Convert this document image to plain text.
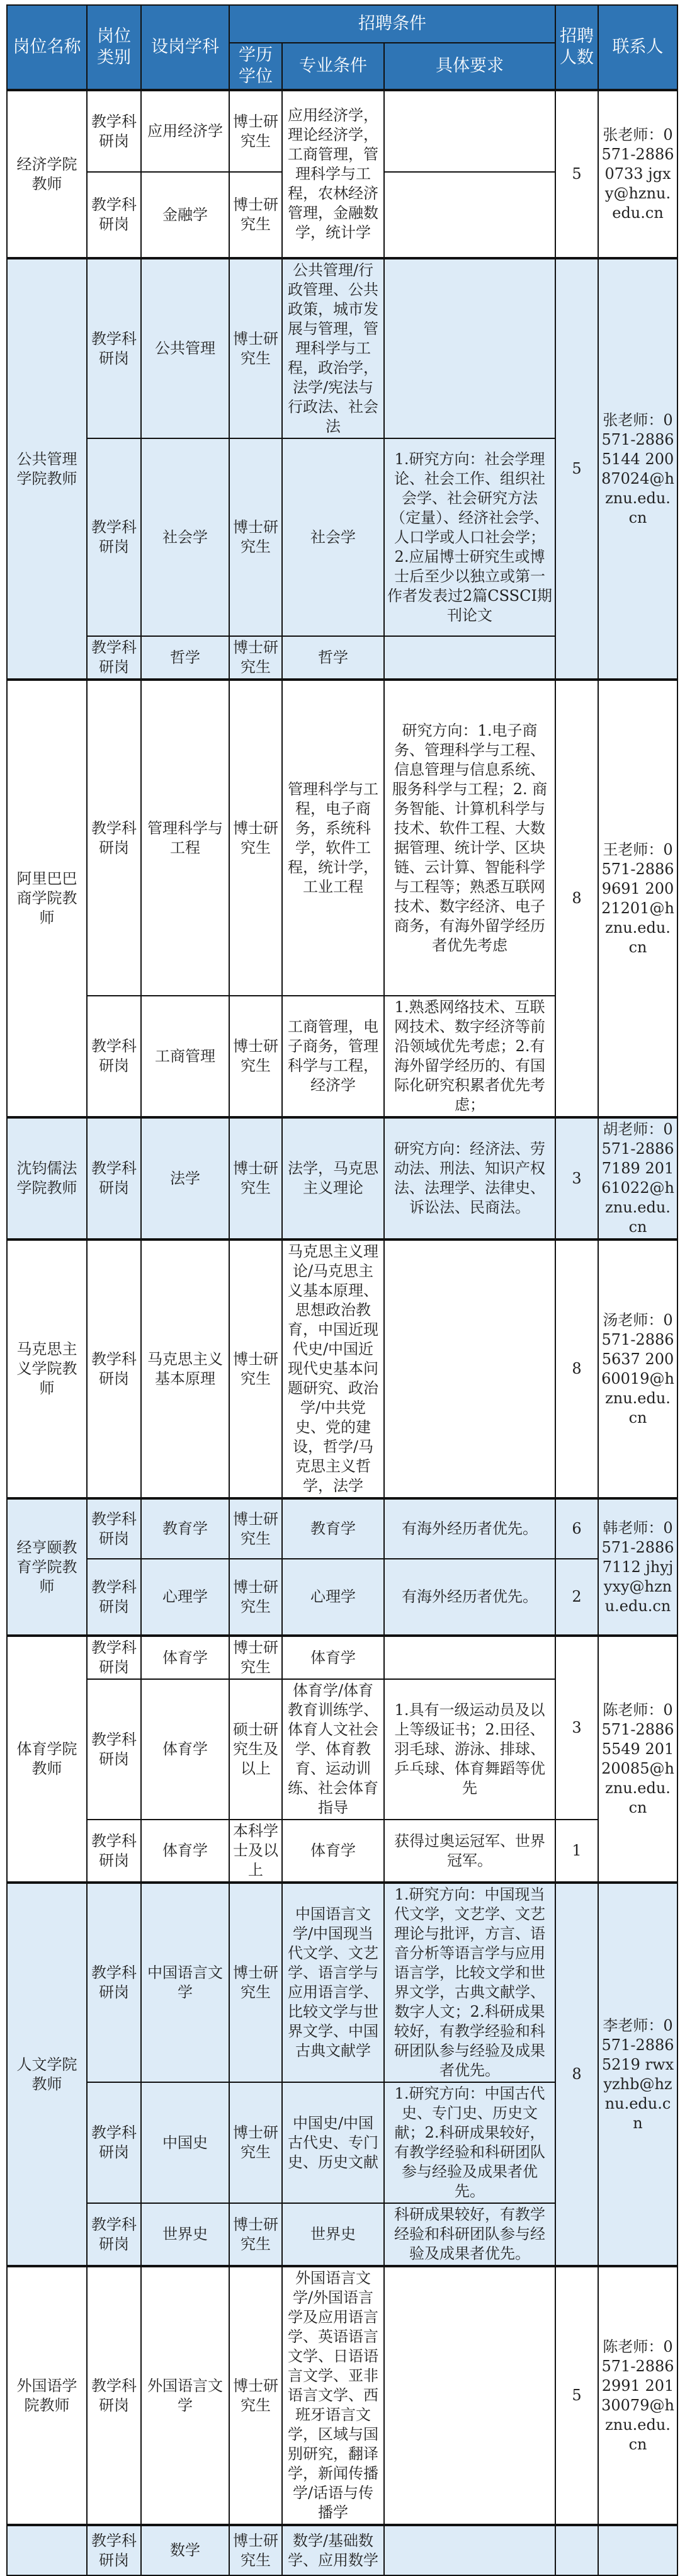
岗位名称	岗位类别	设岗学科	招聘条件			招聘人数	联系人
			学历学位	专业条件	具体要求		
经济学院教师	教学科研岗	应用经济学	博士研究生	应用经济学，理论经济学，工商管理，管理科学与工程，农林经济管理，金融数学，统计学		5	张老师：0571-28860733 jgxy@hznu.edu.cn
	教学科研岗	金融学	博士研究生				
公共管理学院教师	教学科研岗	公共管理	博士研究生	公共管理/行政管理、公共政策，城市发展与管理，管理科学与工程，政治学，法学/宪法与行政法、社会法		5	张老师：0571-28865144 20087024@hznu.edu.cn
	教学科研岗	社会学	博士研究生	社会学	1.研究方向：社会学理论、社会工作、组织社会学、社会研究方法（定量）、经济社会学、人口学或人口社会学；2.应届博士研究生或博士后至少以独立或第一作者发表过2篇CSSCI期刊论文		
	教学科研岗	哲学	博士研究生	哲学			
阿里巴巴商学院教师	教学科研岗	管理科学与工程	博士研究生	管理科学与工程，电子商务，系统科学，软件工程，统计学，工业工程	研究方向：1.电子商务、管理科学与工程、信息管理与信息系统、服务科学与工程；2. 商务智能、计算机科学与技术、软件工程、大数据管理、统计学、区块链、云计算、智能科学与工程等；熟悉互联网技术、数字经济、电子商务，有海外留学经历者优先考虑	8	王老师：0571-28869691 20021201@hznu.edu.cn
	教学科研岗	工商管理	博士研究生	工商管理，电子商务，管理科学与工程，经济学	1.熟悉网络技术、互联网技术、数字经济等前沿领域优先考虑；2.有海外留学经历的、有国际化研究积累者优先考虑；		
沈钧儒法学院教师	教学科研岗	法学	博士研究生	法学，马克思主义理论	研究方向：经济法、劳动法、刑法、知识产权法、法理学、法律史、诉讼法、民商法。	3	胡老师：0571-28867189 20161022@hznu.edu.cn
马克思主义学院教师	教学科研岗	马克思主义基本原理	博士研究生	马克思主义理论/马克思主义基本原理、思想政治教育，中国近现代史/中国近现代史基本问题研究、政治学/中共党史、党的建设，哲学/马克思主义哲学，法学		8	汤老师：0571-28865637 20060019@hznu.edu.cn
经亨颐教育学院教师	教学科研岗	教育学	博士研究生	教育学	有海外经历者优先。	6	韩老师：0571-28867112 jhyjyxy@hznu.edu.cn
	教学科研岗	心理学	博士研究生	心理学	有海外经历者优先。	2	
体育学院教师	教学科研岗	体育学	博士研究生	体育学		3	陈老师：0571-28865549 20120085@hznu.edu.cn
	教学科研岗	体育学	硕士研究生及以上	体育学/体育教育训练学、体育人文社会学、体育教育、运动训练、社会体育指导	1.具有一级运动员及以上等级证书；2.田径、羽毛球、游泳、排球、乒乓球、体育舞蹈等优先		
	教学科研岗	体育学	本科学士及以上	体育学	获得过奥运冠军、世界冠军。	1	
人文学院教师	教学科研岗	中国语言文学	博士研究生	中国语言文学/中国现当代文学、文艺学、语言学与应用语言学、比较文学与世界文学、中国古典文献学	1.研究方向：中国现当代文学，文艺学、文艺理论与批评，方言、语音分析等语言学与应用语言学，比较文学和世界文学，古典文献学、数字人文；2.科研成果较好，有教学经验和科研团队参与经验及成果者优先。	8	李老师：0571-28865219 rwxyzhb@hznu.edu.cn
	教学科研岗	中国史	博士研究生	中国史/中国古代史、专门史、历史文献	1.研究方向：中国古代史、专门史、历史文献；2.科研成果较好，有教学经验和科研团队参与经验及成果者优先。		
	教学科研岗	世界史	博士研究生	世界史	科研成果较好，有教学经验和科研团队参与经验及成果者优先。		
外国语学院教师	教学科研岗	外国语言文学	博士研究生	外国语言文学/外国语言学及应用语言学、英语语言文学、日语语言文学、亚非语言文学、西班牙语言文学，区域与国别研究，翻译学，新闻传播学/话语与传播学		5	陈老师：0571-28862991 20130079@hznu.edu.cn
	教学科研岗	数学	博士研究生	数学/基础数学、应用数学			
